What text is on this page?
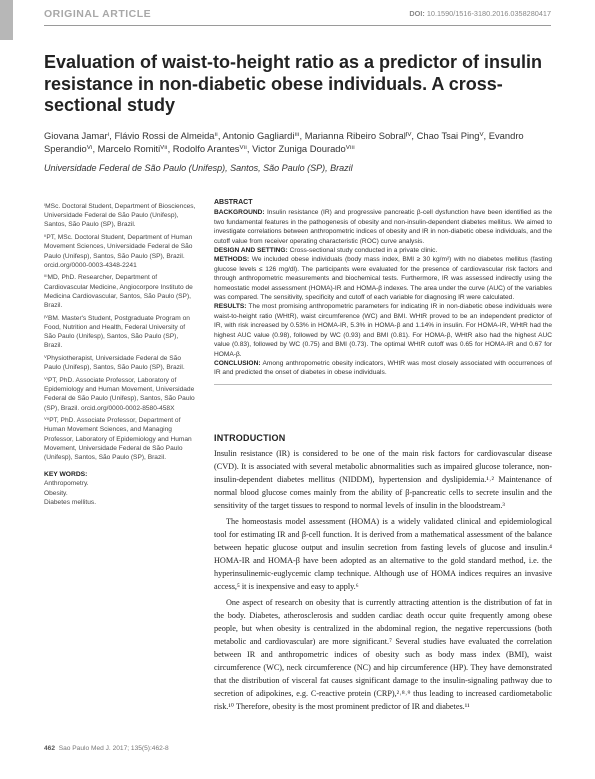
ORIGINAL ARTICLE	DOI: 10.1590/1516-3180.2016.0358280417
Evaluation of waist-to-height ratio as a predictor of insulin resistance in non-diabetic obese individuals. A cross-sectional study
Giovana Jamarⁱ, Flávio Rossi de Almeidaⁱⁱ, Antonio Gagliardiⁱⁱⁱ, Marianna Ribeiro Sobralᴵⱽ, Chao Tsai Pingⱽ, Evandro Sperandioⱽⁱ, Marcelo Romitiⱽⁱⁱ, Rodolfo Arantesⱽⁱⁱ, Victor Zuniga Douradoⱽⁱⁱⁱ
Universidade Federal de São Paulo (Unifesp), Santos, São Paulo (SP), Brazil

ⁱMSc. Doctoral Student, Department of Biosciences, Universidade Federal de São Paulo (Unifesp), Santos, São Paulo (SP), Brazil.

ⁱⁱPT, MSc. Doctoral Student, Department of Human Movement Sciences, Universidade Federal de São Paulo (Unifesp), Santos, São Paulo (SP), Brazil. orcid.org/0000-0003-4348-2241

ⁱⁱⁱMD, PhD. Researcher, Department of Cardiovascular Medicine, Angiocorpore Instituto de Medicina Cardiovascular, Santos, São Paulo (SP), Brazil.

ᴵⱽBM. Master's Student, Postgraduate Program on Food, Nutrition and Health, Federal University of São Paulo (Unifesp), Santos, São Paulo (SP), Brazil.

ⱽPhysiotherapist, Universidade Federal de São Paulo (Unifesp), Santos, São Paulo (SP), Brazil.

ⱽⁱPT, PhD. Associate Professor, Laboratory of Epidemiology and Human Movement, Universidade Federal de São Paulo (Unifesp), Santos, São Paulo (SP), Brazil. orcid.org/0000-0002-8580-458X

ⱽⁱⁱPT, PhD. Associate Professor, Department of Human Movement Sciences, and Managing Professor, Laboratory of Epidemiology and Human Movement, Universidade Federal de São Paulo (Unifesp), Santos, São Paulo (SP), Brazil.

KEY WORDS:

Anthropometry.

Obesity.

Diabetes mellitus.

ABSTRACT

BACKGROUND: Insulin resistance (IR) and progressive pancreatic β-cell dysfunction have been identified as the two fundamental features in the pathogenesis of obesity and non-insulin-dependent diabetes mellitus. We aimed to investigate correlations between anthropometric indices of obesity and IR in non-diabetic obese individuals, and the cutoff value from receiver operating characteristic (ROC) curve analysis.

DESIGN AND SETTING: Cross-sectional study conducted in a private clinic.

METHODS: We included obese individuals (body mass index, BMI ≥ 30 kg/m²) with no diabetes mellitus (fasting glucose levels ≤ 126 mg/dl). The participants were evaluated for the presence of cardiovascular risk factors and through anthropometric measurements and biochemical tests. Furthermore, IR was assessed indirectly using the homeostatic model assessment (HOMA)-IR and HOMA-β indexes. The area under the curve (AUC) of the variables was compared. The sensitivity, specificity and cutoff of each variable for diagnosing IR were calculated.

RESULTS: The most promising anthropometric parameters for indicating IR in non-diabetic obese individuals were waist-to-height ratio (WHtR), waist circumference (WC) and BMI. WHtR proved to be an independent predictor of IR, with risk increased by 0.53% in HOMA-IR, 5.3% in HOMA-β and 1.14% in insulin. For HOMA-IR, WHtR had the highest AUC value (0.98), followed by WC (0.93) and BMI (0.81). For HOMA-β, WHtR also had the highest AUC value (0.83), followed by WC (0.75) and BMI (0.73). The optimal WHtR cutoff was 0.65 for HOMA-IR and 0.67 for HOMA-β.

CONCLUSION: Among anthropometric obesity indicators, WHtR was most closely associated with occurrences of IR and predicted the onset of diabetes in obese individuals.

INTRODUCTION

Insulin resistance (IR) is considered to be one of the main risk factors for cardiovascular disease (CVD). It is associated with several metabolic abnormalities such as impaired glucose tolerance, non-insulin-dependent diabetes mellitus (NIDDM), hypertension and dyslipidemia.¹˒² Maintenance of normal blood glucose comes mainly from the ability of β-pancreatic cells to secrete insulin and the sensitivity of the target tissues to respond to normal levels of insulin in the bloodstream.³

The homeostasis model assessment (HOMA) is a widely validated clinical and epidemiological tool for estimating IR and β-cell function. It is derived from a mathematical assessment of the balance between hepatic glucose output and insulin secretion from fasting levels of glucose and insulin.⁴ HOMA-IR and HOMA-β have been adopted as an alternative to the gold standard method, i.e. the hyperinsulinemic-euglycemic clamp technique. Although use of HOMA indices requires an invasive access,⁵ it is inexpensive and easy to apply.⁶

One aspect of research on obesity that is currently attracting attention is the distribution of fat in the body. Diabetes, atherosclerosis and sudden cardiac death occur quite frequently among obese people, but when obesity is centralized in the abdominal region, the negative repercussions (both metabolic and cardiovascular) are more significant.⁷ Several studies have evaluated the correlation between IR and anthropometric indices of obesity such as body mass index (BMI), waist circumference (WC), neck circumference (NC) and hip circumference (HP). They have demonstrated that the distribution of visceral fat causes significant damage to the insulin-signaling pathway due to secretion of adipokines, e.g. C-reactive protein (CRP),²˒⁸˒⁹ thus leading to increased cardiometabolic risk.¹⁰ Therefore, obesity is the most prominent predictor of IR and diabetes.¹¹

462 Sao Paulo Med J. 2017; 135(5):462-8
